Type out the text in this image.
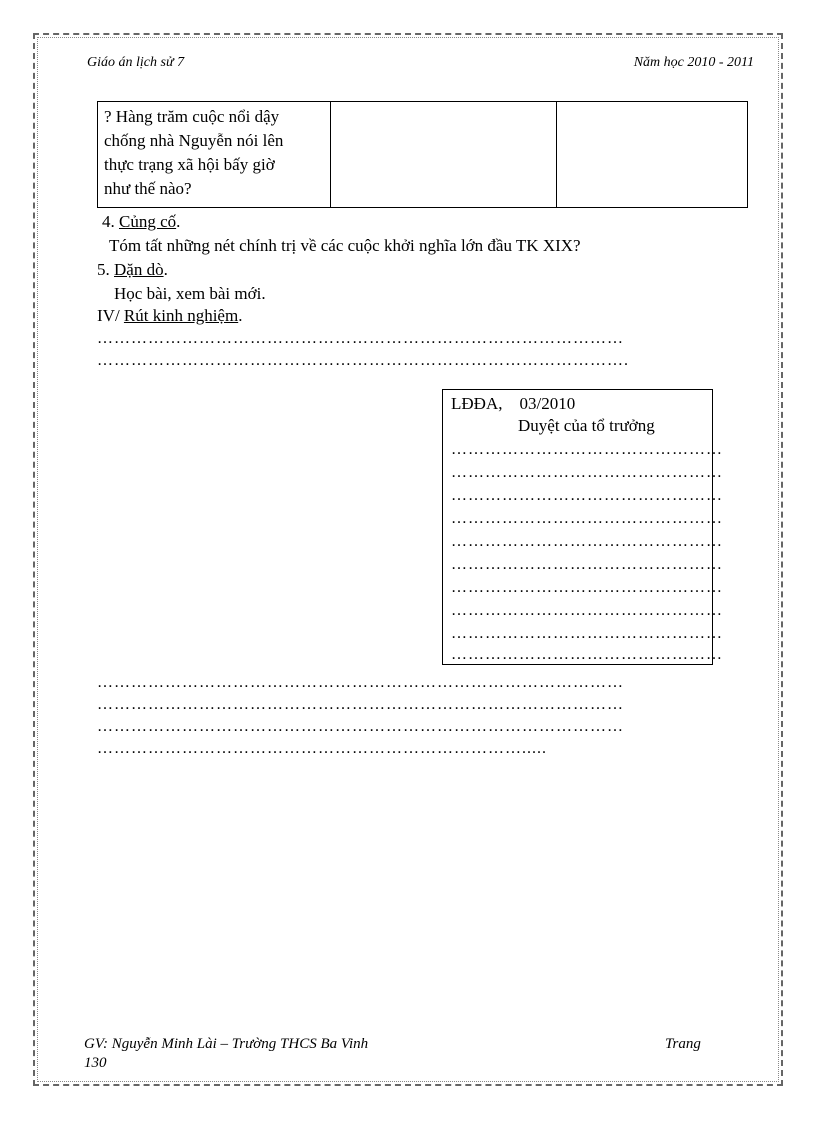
Giáo án lịch sử 7	Năm học 2010 - 2011
? Hàng trăm cuộc nổi dậy
chống nhà Nguyễn nói lên
thực trạng xã hội bấy giờ
như thế nào?

4. Củng cố.
Tóm tất những nét chính trị về các cuộc khởi nghĩa lớn đầu TK XIX?
5. Dặn dò.
Học bài, xem bài mới.
IV/ Rút kinh nghiệm.
…………………………………………………………………………………
………………………………………………………………………………….
LĐĐA, 03/2010
Duyệt của tổ trưởng
…………………………………………
…………………………………………
…………………………………………
…………………………………………
…………………………………………
…………………………………………
…………………………………………
…………………………………………
…………………………………………
…………………………………………
…………………………………………………………………………………
…………………………………………………………………………………
…………………………………………………………………………………
………………………………………………………………….....
GV: Nguyễn Minh Lài – Trường THCS Ba Vinh	Trang
130
